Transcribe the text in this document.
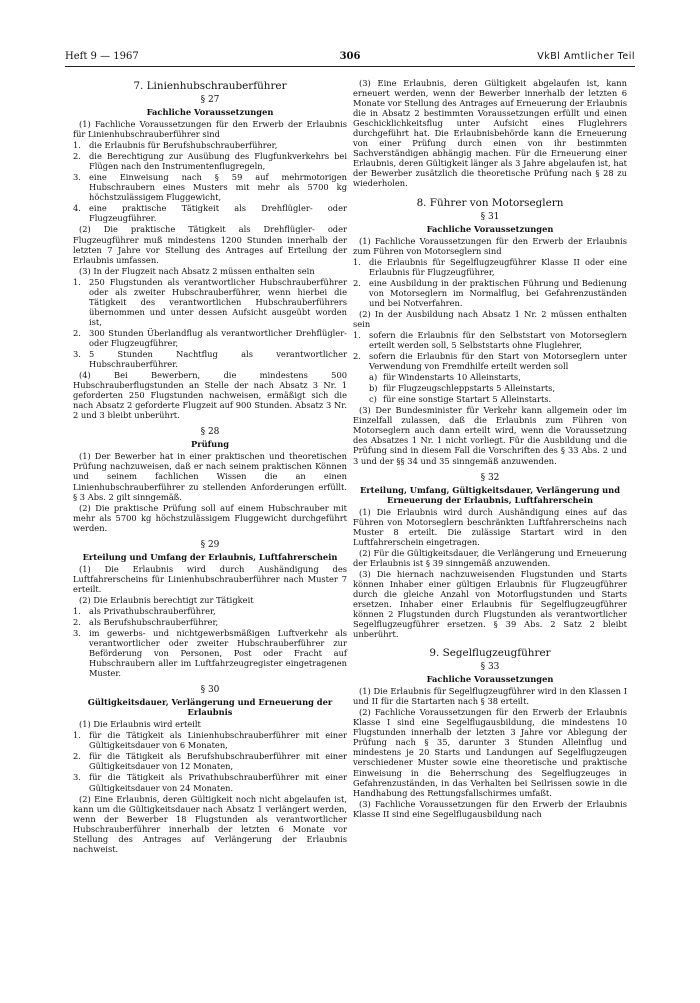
Heft 9 — 1967	306	VkBl Amtlicher Teil
7. Linienhubschrauberführer
§ 27
Fachliche Voraussetzungen

(1) Fachliche Voraussetzungen für den Erwerb der Erlaubnis für Linienhubschrauberführer sind

1. die Erlaubnis für Berufshubschrauberführer,
2. die Berechtigung zur Ausübung des Flugfunkverkehrs bei Flügen nach den Instrumentenflugregeln,
3. eine Einweisung nach § 59 auf mehrmotorigen Hubschraubern eines Musters mit mehr als 5700 kg höchstzulässigem Fluggewicht,
4. eine praktische Tätigkeit als Drehflügler- oder Flugzeugführer.

(2) Die praktische Tätigkeit als Drehflügler- oder Flugzeugführer muß mindestens 1200 Stunden innerhalb der letzten 7 Jahre vor Stellung des Antrages auf Erteilung der Erlaubnis umfassen.

(3) In der Flugzeit nach Absatz 2 müssen enthalten sein

1. 250 Flugstunden als verantwortlicher Hubschrauberführer oder als zweiter Hubschrauberführer, wenn hierbei die Tätigkeit des verantwortlichen Hubschrauberführers übernommen und unter dessen Aufsicht ausgeübt worden ist,
2. 300 Stunden Überlandflug als verantwortlicher Drehflügler- oder Flugzeugführer,
3. 5 Stunden Nachtflug als verantwortlicher Hubschrauberführer.

(4) Bei Bewerbern, die mindestens 500 Hubschrauberflugstunden an Stelle der nach Absatz 3 Nr. 1 geforderten 250 Flugstunden nachweisen, ermäßigt sich die nach Absatz 2 geforderte Flugzeit auf 900 Stunden. Absatz 3 Nr. 2 und 3 bleibt unberührt.

§ 28
Prüfung

(1) Der Bewerber hat in einer praktischen und theoretischen Prüfung nachzuweisen, daß er nach seinem praktischen Können und seinem fachlichen Wissen die an einen Linienhubschrauberführer zu stellenden Anforderungen erfüllt. § 3 Abs. 2 gilt sinngemäß.

(2) Die praktische Prüfung soll auf einem Hubschrauber mit mehr als 5700 kg höchstzulässigem Fluggewicht durchgeführt werden.

§ 29
Erteilung und Umfang der Erlaubnis, Luftfahrerschein

(1) Die Erlaubnis wird durch Aushändigung des Luftfahrerscheins für Linienhubschrauberführer nach Muster 7 erteilt.

(2) Die Erlaubnis berechtigt zur Tätigkeit

1. als Privathubschrauberführer,
2. als Berufshubschrauberführer,
3. im gewerbs- und nichtgewerbsmäßigen Luftverkehr als verantwortlicher oder zweiter Hubschrauberführer zur Beförderung von Personen, Post oder Fracht auf Hubschraubern aller im Luftfahrzeugregister eingetragenen Muster.
§ 30
Gültigkeitsdauer, Verlängerung und Erneuerung der Erlaubnis

(1) Die Erlaubnis wird erteilt

1. für die Tätigkeit als Linienhubschrauberführer mit einer Gültigkeitsdauer von 6 Monaten,
2. für die Tätigkeit als Berufshubschrauberführer mit einer Gültigkeitsdauer von 12 Monaten,
3. für die Tätigkeit als Privathubschrauberführer mit einer Gültigkeitsdauer von 24 Monaten.

(2) Eine Erlaubnis, deren Gültigkeit noch nicht abgelaufen ist, kann um die Gültigkeitsdauer nach Absatz 1 verlängert werden, wenn der Bewerber 18 Flugstunden als verantwortlicher Hubschrauberführer innerhalb der letzten 6 Monate vor Stellung des Antrages auf Verlängerung der Erlaubnis nachweist.

(3) Eine Erlaubnis, deren Gültigkeit abgelaufen ist, kann erneuert werden, wenn der Bewerber innerhalb der letzten 6 Monate vor Stellung des Antrages auf Erneuerung der Erlaubnis die in Absatz 2 bestimmten Voraussetzungen erfüllt und einen Geschicklichkeitsflug unter Aufsicht eines Fluglehrers durchgeführt hat. Die Erlaubnisbehörde kann die Erneuerung von einer Prüfung durch einen von ihr bestimmten Sachverständigen abhängig machen. Für die Erneuerung einer Erlaubnis, deren Gültigkeit länger als 3 Jahre abgelaufen ist, hat der Bewerber zusätzlich die theoretische Prüfung nach § 28 zu wiederholen.

8. Führer von Motorseglern
§ 31
Fachliche Voraussetzungen

(1) Fachliche Voraussetzungen für den Erwerb der Erlaubnis zum Führen von Motorseglern sind

1. die Erlaubnis für Segelflugzeugführer Klasse II oder eine Erlaubnis für Flugzeugführer,
2. eine Ausbildung in der praktischen Führung und Bedienung von Motorseglern im Normalflug, bei Gefahrenzuständen und bei Notverfahren.

(2) In der Ausbildung nach Absatz 1 Nr. 2 müssen enthalten sein

1. sofern die Erlaubnis für den Selbststart von Motorseglern erteilt werden soll, 5 Selbststarts ohne Fluglehrer,
2. sofern die Erlaubnis für den Start von Motorseglern unter Verwendung von Fremdhilfe erteilt werden soll
a) für Windenstarts 10 Alleinstarts,
b) für Flugzeugschleppstarts 5 Alleinstarts,
c) für eine sonstige Startart 5 Alleinstarts.

(3) Der Bundesminister für Verkehr kann allgemein oder im Einzelfall zulassen, daß die Erlaubnis zum Führen von Motorseglern auch dann erteilt wird, wenn die Voraussetzung des Absatzes 1 Nr. 1 nicht vorliegt. Für die Ausbildung und die Prüfung sind in diesem Fall die Vorschriften des § 33 Abs. 2 und 3 und der §§ 34 und 35 sinngemäß anzuwenden.

§ 32
Erteilung, Umfang, Gültigkeitsdauer, Verlängerung und Erneuerung der Erlaubnis, Luftfahrerschein

(1) Die Erlaubnis wird durch Aushändigung eines auf das Führen von Motorseglern beschränkten Luftfahrerscheins nach Muster 8 erteilt. Die zulässige Startart wird in den Luftfahrerschein eingetragen.

(2) Für die Gültigkeitsdauer, die Verlängerung und Erneuerung der Erlaubnis ist § 39 sinngemäß anzuwenden.

(3) Die hiernach nachzuweisenden Flugstunden und Starts können Inhaber einer gültigen Erlaubnis für Flugzeugführer durch die gleiche Anzahl von Motorflugstunden und Starts ersetzen. Inhaber einer Erlaubnis für Segelflugzeugführer können 2 Flugstunden durch Flugstunden als verantwortlicher Segelflugzeugführer ersetzen. § 39 Abs. 2 Satz 2 bleibt unberührt.

9. Segelflugzeugführer
§ 33
Fachliche Voraussetzungen

(1) Die Erlaubnis für Segelflugzeugführer wird in den Klassen I und II für die Startarten nach § 38 erteilt.

(2) Fachliche Voraussetzungen für den Erwerb der Erlaubnis Klasse I sind eine Segelflugausbildung, die mindestens 10 Flugstunden innerhalb der letzten 3 Jahre vor Ablegung der Prüfung nach § 35, darunter 3 Stunden Alleinflug und mindestens je 20 Starts und Landungen auf Segelflugzeugen verschiedener Muster sowie eine theoretische und praktische Einweisung in die Beherrschung des Segelflugzeuges in Gefahrenzuständen, in das Verhalten bei Seilrissen sowie in die Handhabung des Rettungsfallschirmes umfaßt.

(3) Fachliche Voraussetzungen für den Erwerb der Erlaubnis Klasse II sind eine Segelflugausbildung nach
